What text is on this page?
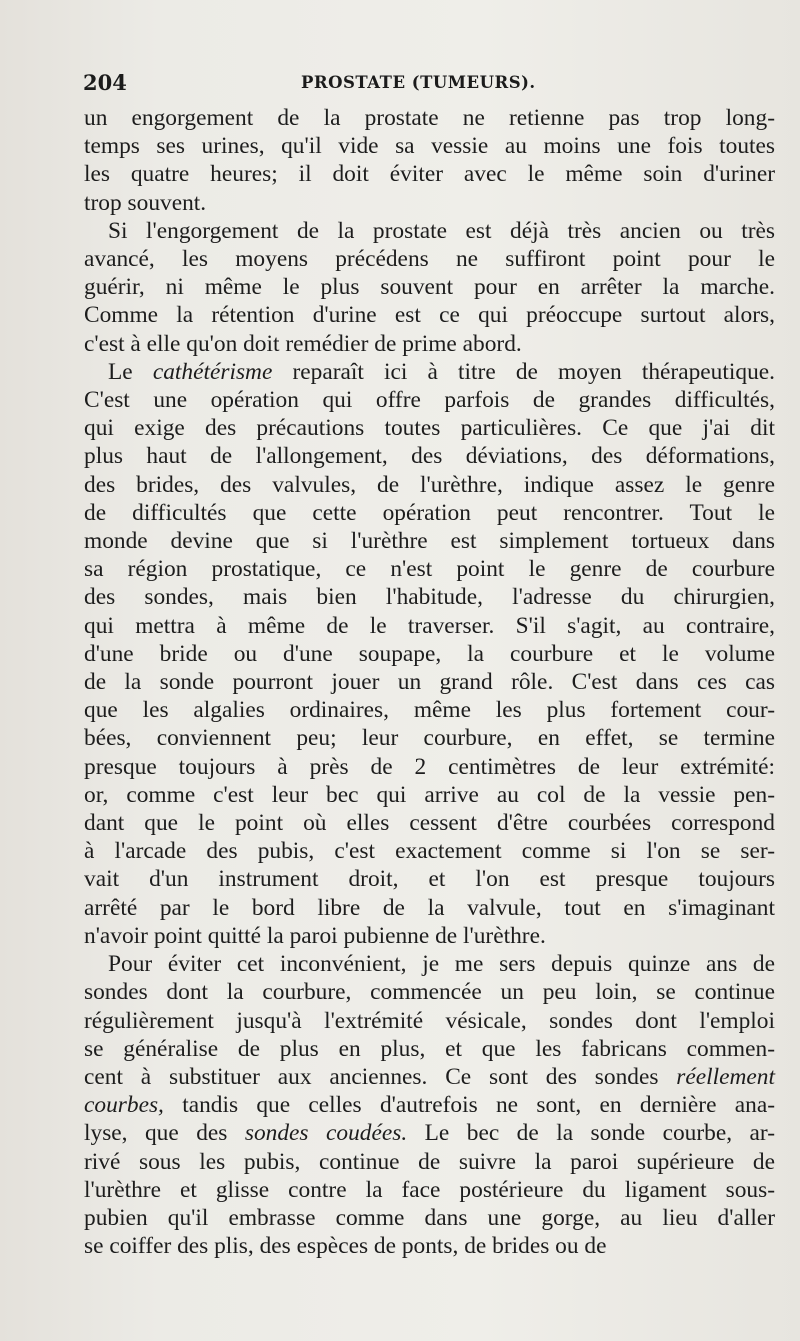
204	PROSTATE (TUMEURS).
un engorgement de la prostate ne retienne pas trop long-
temps ses urines, qu'il vide sa vessie au moins une fois toutes
les quatre heures; il doit éviter avec le même soin d'uriner
trop souvent.
Si l'engorgement de la prostate est déjà très ancien ou très
avancé, les moyens précédens ne suffiront point pour le
guérir, ni même le plus souvent pour en arrêter la marche.
Comme la rétention d'urine est ce qui préoccupe surtout alors,
c'est à elle qu'on doit remédier de prime abord.
Le cathétérisme reparaît ici à titre de moyen thérapeutique.
C'est une opération qui offre parfois de grandes difficultés,
qui exige des précautions toutes particulières. Ce que j'ai dit
plus haut de l'allongement, des déviations, des déformations,
des brides, des valvules, de l'urèthre, indique assez le genre
de difficultés que cette opération peut rencontrer. Tout le
monde devine que si l'urèthre est simplement tortueux dans
sa région prostatique, ce n'est point le genre de courbure
des sondes, mais bien l'habitude, l'adresse du chirurgien,
qui mettra à même de le traverser. S'il s'agit, au contraire,
d'une bride ou d'une soupape, la courbure et le volume
de la sonde pourront jouer un grand rôle. C'est dans ces cas
que les algalies ordinaires, même les plus fortement cour-
bées, conviennent peu; leur courbure, en effet, se termine
presque toujours à près de 2 centimètres de leur extrémité:
or, comme c'est leur bec qui arrive au col de la vessie pen-
dant que le point où elles cessent d'être courbées correspond
à l'arcade des pubis, c'est exactement comme si l'on se ser-
vait d'un instrument droit, et l'on est presque toujours
arrêté par le bord libre de la valvule, tout en s'imaginant
n'avoir point quitté la paroi pubienne de l'urèthre.
Pour éviter cet inconvénient, je me sers depuis quinze ans de
sondes dont la courbure, commencée un peu loin, se continue
régulièrement jusqu'à l'extrémité vésicale, sondes dont l'emploi
se généralise de plus en plus, et que les fabricans commen-
cent à substituer aux anciennes. Ce sont des sondes réellement
courbes, tandis que celles d'autrefois ne sont, en dernière ana-
lyse, que des sondes coudées. Le bec de la sonde courbe, ar-
rivé sous les pubis, continue de suivre la paroi supérieure de
l'urèthre et glisse contre la face postérieure du ligament sous-
pubien qu'il embrasse comme dans une gorge, au lieu d'aller
se coiffer des plis, des espèces de ponts, de brides ou de
